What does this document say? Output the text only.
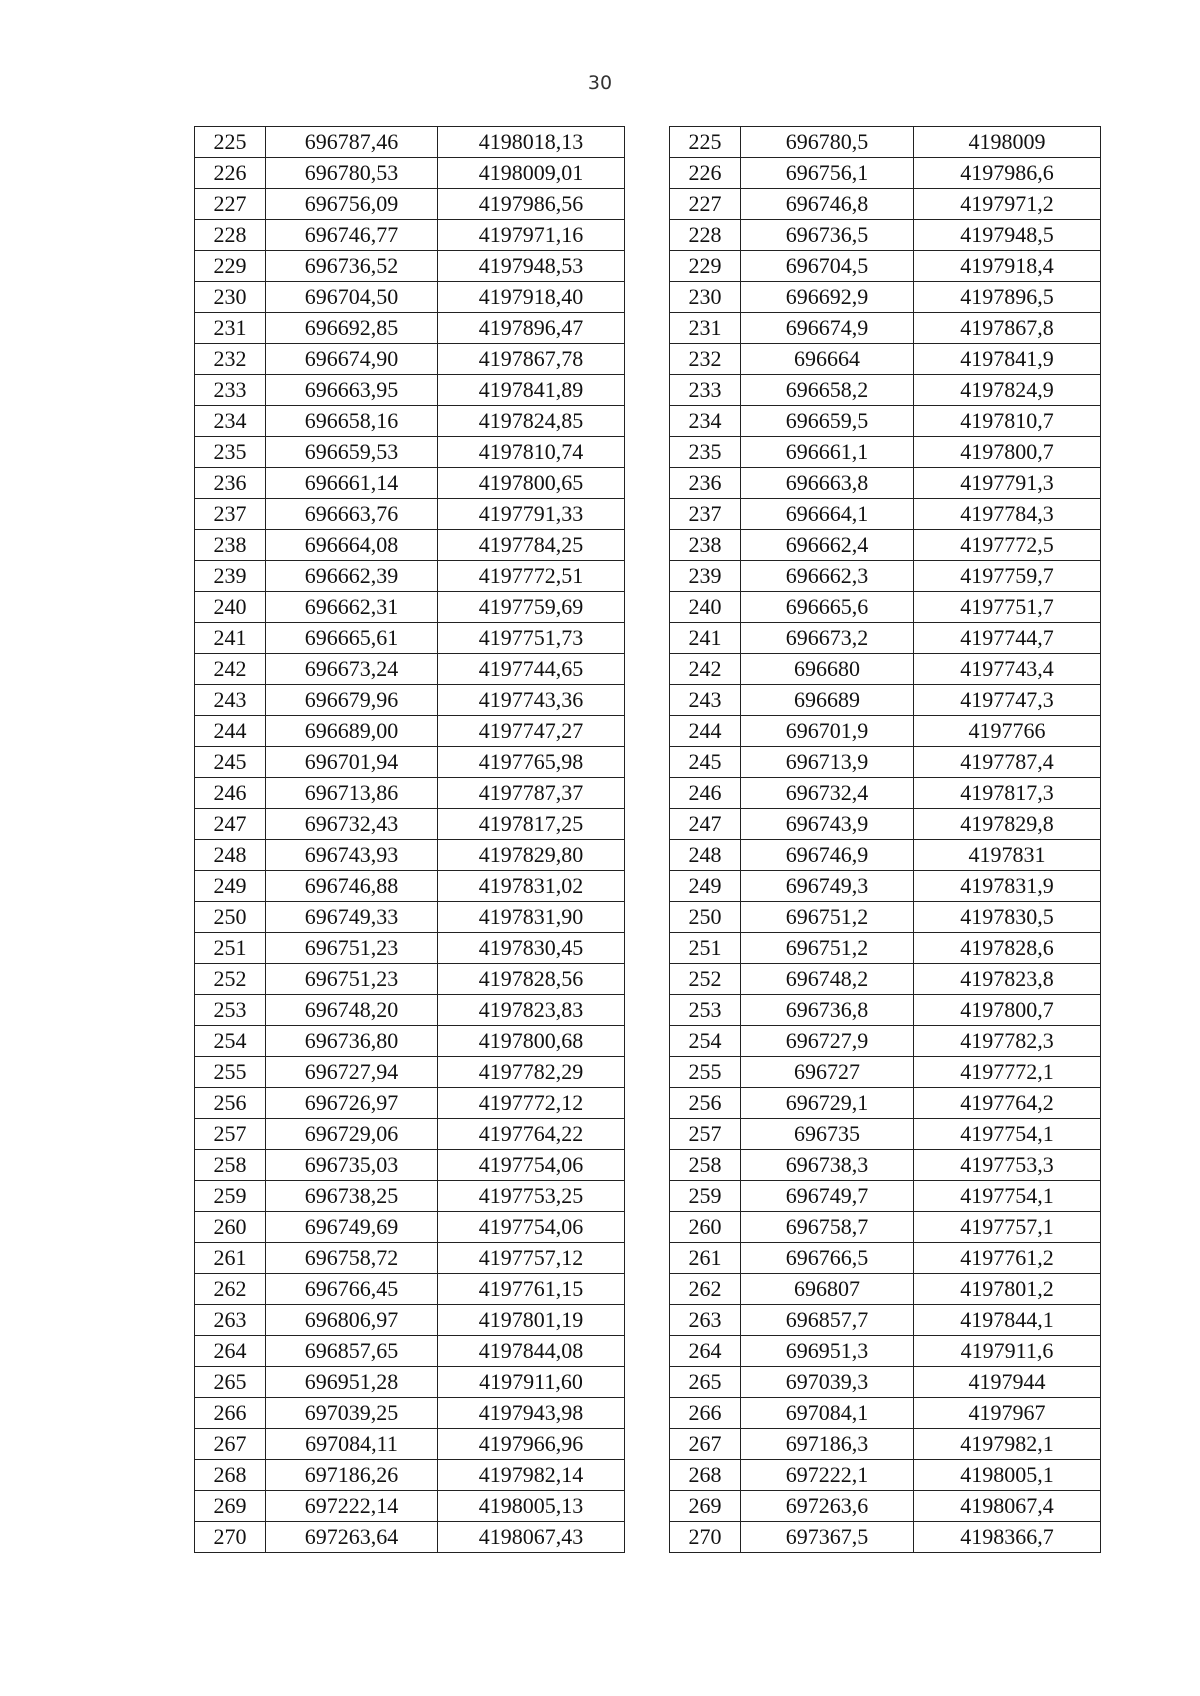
30
225	696787,46	4198018,13
226	696780,53	4198009,01
227	696756,09	4197986,56
228	696746,77	4197971,16
229	696736,52	4197948,53
230	696704,50	4197918,40
231	696692,85	4197896,47
232	696674,90	4197867,78
233	696663,95	4197841,89
234	696658,16	4197824,85
235	696659,53	4197810,74
236	696661,14	4197800,65
237	696663,76	4197791,33
238	696664,08	4197784,25
239	696662,39	4197772,51
240	696662,31	4197759,69
241	696665,61	4197751,73
242	696673,24	4197744,65
243	696679,96	4197743,36
244	696689,00	4197747,27
245	696701,94	4197765,98
246	696713,86	4197787,37
247	696732,43	4197817,25
248	696743,93	4197829,80
249	696746,88	4197831,02
250	696749,33	4197831,90
251	696751,23	4197830,45
252	696751,23	4197828,56
253	696748,20	4197823,83
254	696736,80	4197800,68
255	696727,94	4197782,29
256	696726,97	4197772,12
257	696729,06	4197764,22
258	696735,03	4197754,06
259	696738,25	4197753,25
260	696749,69	4197754,06
261	696758,72	4197757,12
262	696766,45	4197761,15
263	696806,97	4197801,19
264	696857,65	4197844,08
265	696951,28	4197911,60
266	697039,25	4197943,98
267	697084,11	4197966,96
268	697186,26	4197982,14
269	697222,14	4198005,13
270	697263,64	4198067,43
225	696780,5	4198009
226	696756,1	4197986,6
227	696746,8	4197971,2
228	696736,5	4197948,5
229	696704,5	4197918,4
230	696692,9	4197896,5
231	696674,9	4197867,8
232	696664	4197841,9
233	696658,2	4197824,9
234	696659,5	4197810,7
235	696661,1	4197800,7
236	696663,8	4197791,3
237	696664,1	4197784,3
238	696662,4	4197772,5
239	696662,3	4197759,7
240	696665,6	4197751,7
241	696673,2	4197744,7
242	696680	4197743,4
243	696689	4197747,3
244	696701,9	4197766
245	696713,9	4197787,4
246	696732,4	4197817,3
247	696743,9	4197829,8
248	696746,9	4197831
249	696749,3	4197831,9
250	696751,2	4197830,5
251	696751,2	4197828,6
252	696748,2	4197823,8
253	696736,8	4197800,7
254	696727,9	4197782,3
255	696727	4197772,1
256	696729,1	4197764,2
257	696735	4197754,1
258	696738,3	4197753,3
259	696749,7	4197754,1
260	696758,7	4197757,1
261	696766,5	4197761,2
262	696807	4197801,2
263	696857,7	4197844,1
264	696951,3	4197911,6
265	697039,3	4197944
266	697084,1	4197967
267	697186,3	4197982,1
268	697222,1	4198005,1
269	697263,6	4198067,4
270	697367,5	4198366,7
